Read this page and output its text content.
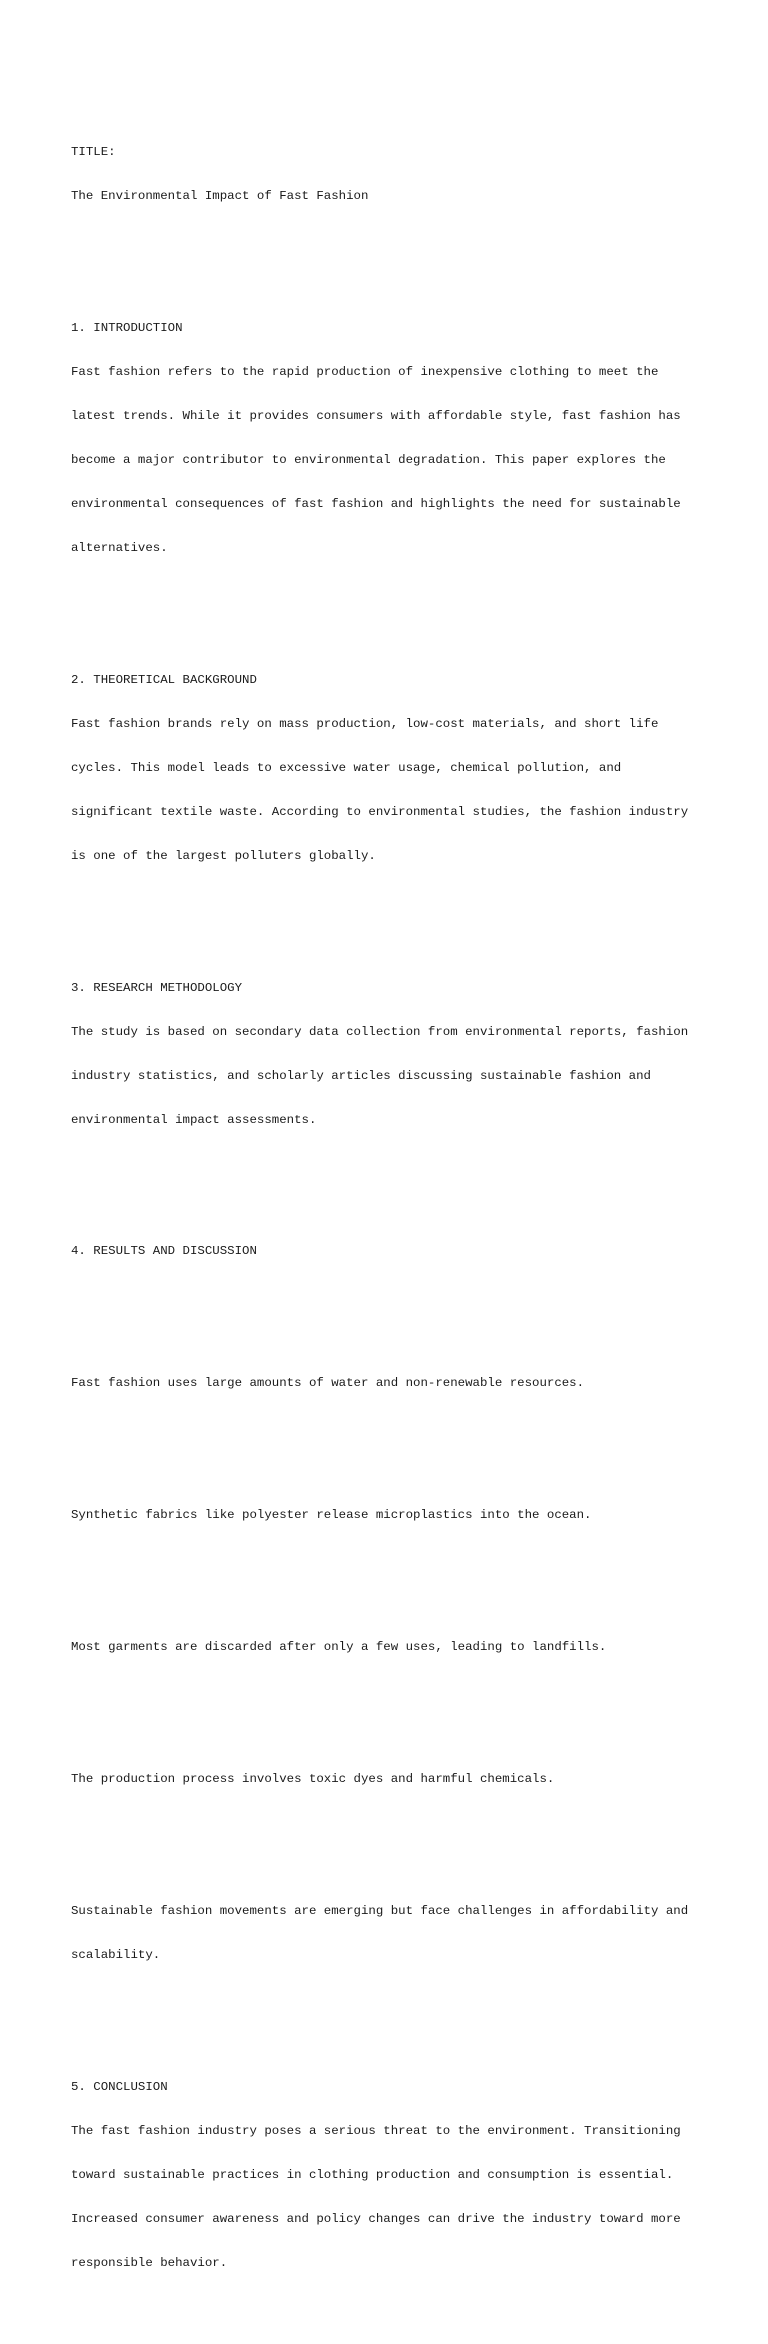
TITLE:

The Environmental Impact of Fast Fashion

1. INTRODUCTION

Fast fashion refers to the rapid production of inexpensive clothing to meet the

latest trends. While it provides consumers with affordable style, fast fashion has

become a major contributor to environmental degradation. This paper explores the

environmental consequences of fast fashion and highlights the need for sustainable

alternatives.

2. THEORETICAL BACKGROUND

Fast fashion brands rely on mass production, low-cost materials, and short life

cycles. This model leads to excessive water usage, chemical pollution, and

significant textile waste. According to environmental studies, the fashion industry

is one of the largest polluters globally.

3. RESEARCH METHODOLOGY

The study is based on secondary data collection from environmental reports, fashion

industry statistics, and scholarly articles discussing sustainable fashion and

environmental impact assessments.

4. RESULTS AND DISCUSSION

Fast fashion uses large amounts of water and non-renewable resources.

Synthetic fabrics like polyester release microplastics into the ocean.

Most garments are discarded after only a few uses, leading to landfills.

The production process involves toxic dyes and harmful chemicals.

Sustainable fashion movements are emerging but face challenges in affordability and

scalability.

5. CONCLUSION

The fast fashion industry poses a serious threat to the environment. Transitioning

toward sustainable practices in clothing production and consumption is essential.

Increased consumer awareness and policy changes can drive the industry toward more

responsible behavior.
